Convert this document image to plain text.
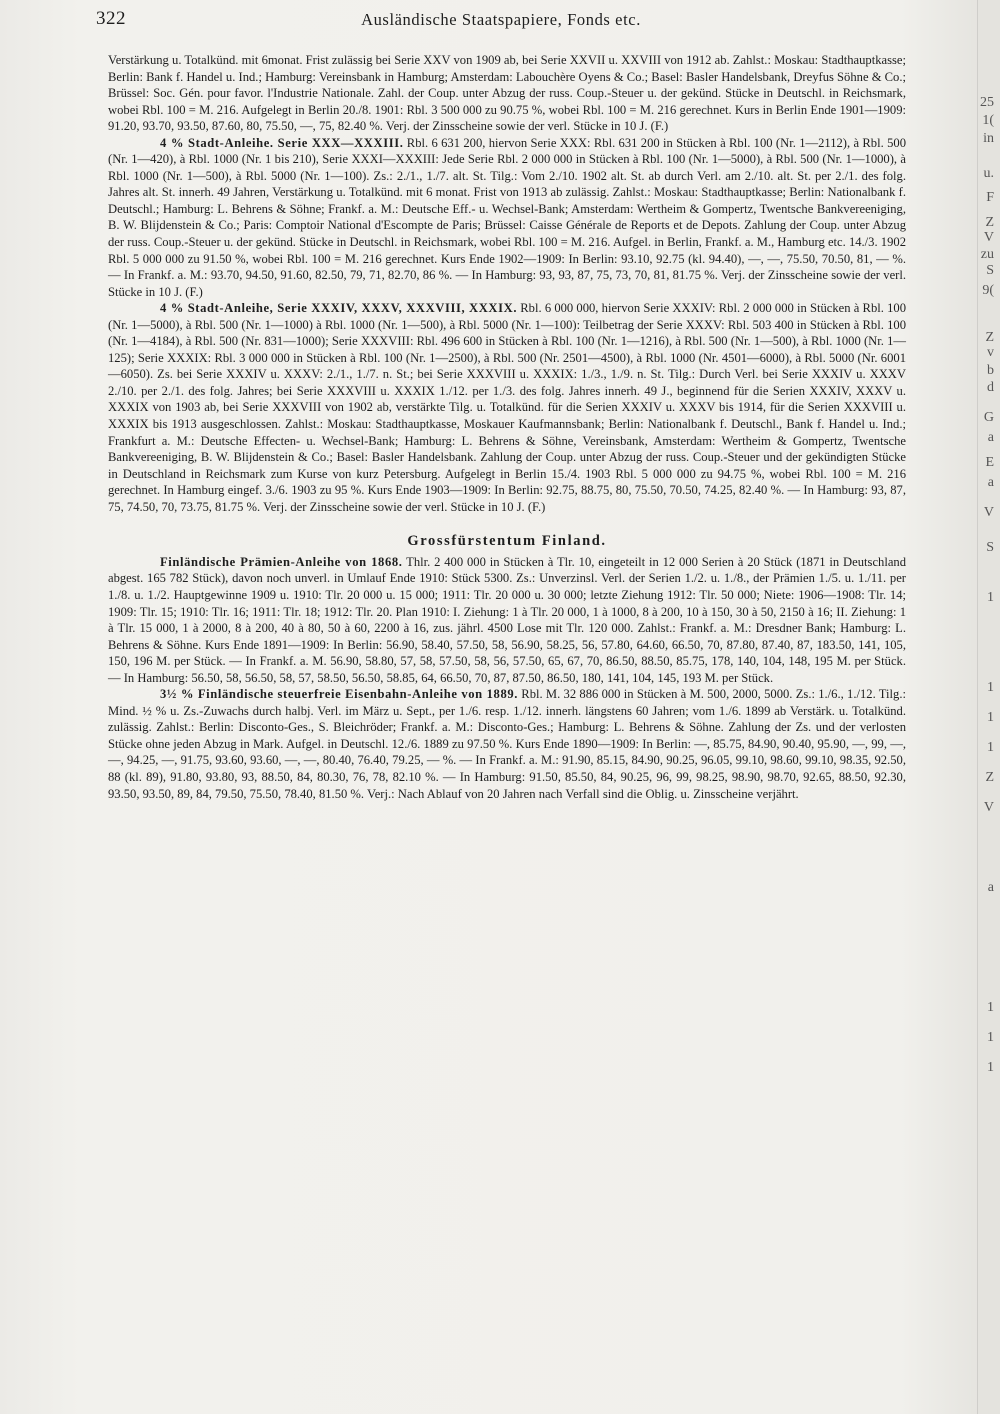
25
1(
in
u.
F
Z
V
zu
S
9(
Z
v
b
d
G
a
E
a
V
S
1
1
1
1
Z
V
a
1
1
1
322	Ausländische Staatspapiere, Fonds etc.

Verstärkung u. Totalkünd. mit 6monat. Frist zulässig bei Serie XXV von 1909 ab, bei Serie XXVII u. XXVIII von 1912 ab. Zahlst.: Moskau: Stadthauptkasse; Berlin: Bank f. Handel u. Ind.; Hamburg: Vereinsbank in Hamburg; Amsterdam: Labouchère Oyens & Co.; Basel: Basler Handelsbank, Dreyfus Söhne & Co.; Brüssel: Soc. Gén. pour favor. l'Industrie Nationale. Zahl. der Coup. unter Abzug der russ. Coup.-Steuer u. der gekünd. Stücke in Deutschl. in Reichsmark, wobei Rbl. 100 = M. 216. Aufgelegt in Berlin 20./8. 1901: Rbl. 3 500 000 zu 90.75 %, wobei Rbl. 100 = M. 216 gerechnet. Kurs in Berlin Ende 1901—1909: 91.20, 93.70, 93.50, 87.60, 80, 75.50, —, 75, 82.40 %. Verj. der Zinsscheine sowie der verl. Stücke in 10 J. (F.)

4 % Stadt-Anleihe. Serie XXX—XXXIII. Rbl. 6 631 200, hiervon Serie XXX: Rbl. 631 200 in Stücken à Rbl. 100 (Nr. 1—2112), à Rbl. 500 (Nr. 1—420), à Rbl. 1000 (Nr. 1 bis 210), Serie XXXI—XXXIII: Jede Serie Rbl. 2 000 000 in Stücken à Rbl. 100 (Nr. 1—5000), à Rbl. 500 (Nr. 1—1000), à Rbl. 1000 (Nr. 1—500), à Rbl. 5000 (Nr. 1—100). Zs.: 2./1., 1./7. alt. St. Tilg.: Vom 2./10. 1902 alt. St. ab durch Verl. am 2./10. alt. St. per 2./1. des folg. Jahres alt. St. innerh. 49 Jahren, Verstärkung u. Totalkünd. mit 6 monat. Frist von 1913 ab zulässig. Zahlst.: Moskau: Stadthauptkasse; Berlin: Nationalbank f. Deutschl.; Hamburg: L. Behrens & Söhne; Frankf. a. M.: Deutsche Eff.- u. Wechsel-Bank; Amsterdam: Wertheim & Gompertz, Twentsche Bankvereeniging, B. W. Blijdenstein & Co.; Paris: Comptoir National d'Escompte de Paris; Brüssel: Caisse Générale de Reports et de Depots. Zahlung der Coup. unter Abzug der russ. Coup.-Steuer u. der gekünd. Stücke in Deutschl. in Reichsmark, wobei Rbl. 100 = M. 216. Aufgel. in Berlin, Frankf. a. M., Hamburg etc. 14./3. 1902 Rbl. 5 000 000 zu 91.50 %, wobei Rbl. 100 = M. 216 gerechnet. Kurs Ende 1902—1909: In Berlin: 93.10, 92.75 (kl. 94.40), —, —, 75.50, 70.50, 81, — %. — In Frankf. a. M.: 93.70, 94.50, 91.60, 82.50, 79, 71, 82.70, 86 %. — In Hamburg: 93, 93, 87, 75, 73, 70, 81, 81.75 %. Verj. der Zinsscheine sowie der verl. Stücke in 10 J. (F.)

4 % Stadt-Anleihe, Serie XXXIV, XXXV, XXXVIII, XXXIX. Rbl. 6 000 000, hiervon Serie XXXIV: Rbl. 2 000 000 in Stücken à Rbl. 100 (Nr. 1—5000), à Rbl. 500 (Nr. 1—1000) à Rbl. 1000 (Nr. 1—500), à Rbl. 5000 (Nr. 1—100): Teilbetrag der Serie XXXV: Rbl. 503 400 in Stücken à Rbl. 100 (Nr. 1—4184), à Rbl. 500 (Nr. 831—1000); Serie XXXVIII: Rbl. 496 600 in Stücken à Rbl. 100 (Nr. 1—1216), à Rbl. 500 (Nr. 1—500), à Rbl. 1000 (Nr. 1—125); Serie XXXIX: Rbl. 3 000 000 in Stücken à Rbl. 100 (Nr. 1—2500), à Rbl. 500 (Nr. 2501—4500), à Rbl. 1000 (Nr. 4501—6000), à Rbl. 5000 (Nr. 6001—6050). Zs. bei Serie XXXIV u. XXXV: 2./1., 1./7. n. St.; bei Serie XXXVIII u. XXXIX: 1./3., 1./9. n. St. Tilg.: Durch Verl. bei Serie XXXIV u. XXXV 2./10. per 2./1. des folg. Jahres; bei Serie XXXVIII u. XXXIX 1./12. per 1./3. des folg. Jahres innerh. 49 J., beginnend für die Serien XXXIV, XXXV u. XXXIX von 1903 ab, bei Serie XXXVIII von 1902 ab, verstärkte Tilg. u. Totalkünd. für die Serien XXXIV u. XXXV bis 1914, für die Serien XXXVIII u. XXXIX bis 1913 ausgeschlossen. Zahlst.: Moskau: Stadthauptkasse, Moskauer Kaufmannsbank; Berlin: Nationalbank f. Deutschl., Bank f. Handel u. Ind.; Frankfurt a. M.: Deutsche Effecten- u. Wechsel-Bank; Hamburg: L. Behrens & Söhne, Vereinsbank, Amsterdam: Wertheim & Gompertz, Twentsche Bankvereeniging, B. W. Blijdenstein & Co.; Basel: Basler Handelsbank. Zahlung der Coup. unter Abzug der russ. Coup.-Steuer und der gekündigten Stücke in Deutschland in Reichsmark zum Kurse von kurz Petersburg. Aufgelegt in Berlin 15./4. 1903 Rbl. 5 000 000 zu 94.75 %, wobei Rbl. 100 = M. 216 gerechnet. In Hamburg eingef. 3./6. 1903 zu 95 %. Kurs Ende 1903—1909: In Berlin: 92.75, 88.75, 80, 75.50, 70.50, 74.25, 82.40 %. — In Hamburg: 93, 87, 75, 74.50, 70, 73.75, 81.75 %. Verj. der Zinsscheine sowie der verl. Stücke in 10 J. (F.)

Grossfürstentum Finland.

Finländische Prämien-Anleihe von 1868. Thlr. 2 400 000 in Stücken à Tlr. 10, eingeteilt in 12 000 Serien à 20 Stück (1871 in Deutschland abgest. 165 782 Stück), davon noch unverl. in Umlauf Ende 1910: Stück 5300. Zs.: Unverzinsl. Verl. der Serien 1./2. u. 1./8., der Prämien 1./5. u. 1./11. per 1./8. u. 1./2. Hauptgewinne 1909 u. 1910: Tlr. 20 000 u. 15 000; 1911: Tlr. 20 000 u. 30 000; letzte Ziehung 1912: Tlr. 50 000; Niete: 1906—1908: Tlr. 14; 1909: Tlr. 15; 1910: Tlr. 16; 1911: Tlr. 18; 1912: Tlr. 20. Plan 1910: I. Ziehung: 1 à Tlr. 20 000, 1 à 1000, 8 à 200, 10 à 150, 30 à 50, 2150 à 16; II. Ziehung: 1 à Tlr. 15 000, 1 à 2000, 8 à 200, 40 à 80, 50 à 60, 2200 à 16, zus. jährl. 4500 Lose mit Tlr. 120 000. Zahlst.: Frankf. a. M.: Dresdner Bank; Hamburg: L. Behrens & Söhne. Kurs Ende 1891—1909: In Berlin: 56.90, 58.40, 57.50, 58, 56.90, 58.25, 56, 57.80, 64.60, 66.50, 70, 87.80, 87.40, 87, 183.50, 141, 105, 150, 196 M. per Stück. — In Frankf. a. M. 56.90, 58.80, 57, 58, 57.50, 58, 56, 57.50, 65, 67, 70, 86.50, 88.50, 85.75, 178, 140, 104, 148, 195 M. per Stück. — In Hamburg: 56.50, 58, 56.50, 58, 57, 58.50, 56.50, 58.85, 64, 66.50, 70, 87, 87.50, 86.50, 180, 141, 104, 145, 193 M. per Stück.

3½ % Finländische steuerfreie Eisenbahn-Anleihe von 1889. Rbl. M. 32 886 000 in Stücken à M. 500, 2000, 5000. Zs.: 1./6., 1./12. Tilg.: Mind. ½ % u. Zs.-Zuwachs durch halbj. Verl. im März u. Sept., per 1./6. resp. 1./12. innerh. längstens 60 Jahren; vom 1./6. 1899 ab Verstärk. u. Totalkünd. zulässig. Zahlst.: Berlin: Disconto-Ges., S. Bleichröder; Frankf. a. M.: Disconto-Ges.; Hamburg: L. Behrens & Söhne. Zahlung der Zs. und der verlosten Stücke ohne jeden Abzug in Mark. Aufgel. in Deutschl. 12./6. 1889 zu 97.50 %. Kurs Ende 1890—1909: In Berlin: —, 85.75, 84.90, 90.40, 95.90, —, 99, —, —, 94.25, —, 91.75, 93.60, 93.60, —, —, 80.40, 76.40, 79.25, — %. — In Frankf. a. M.: 91.90, 85.15, 84.90, 90.25, 96.05, 99.10, 98.60, 99.10, 98.35, 92.50, 88 (kl. 89), 91.80, 93.80, 93, 88.50, 84, 80.30, 76, 78, 82.10 %. — In Hamburg: 91.50, 85.50, 84, 90.25, 96, 99, 98.25, 98.90, 98.70, 92.65, 88.50, 92.30, 93.50, 93.50, 89, 84, 79.50, 75.50, 78.40, 81.50 %. Verj.: Nach Ablauf von 20 Jahren nach Verfall sind die Oblig. u. Zinsscheine verjährt.
